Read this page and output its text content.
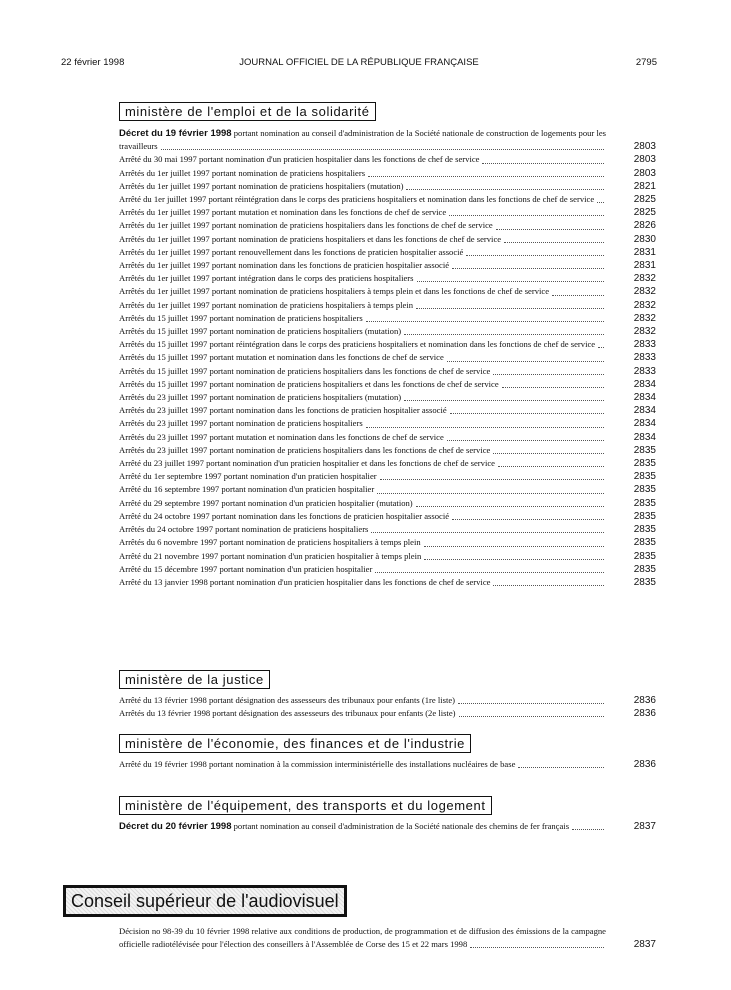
22 février 1998	JOURNAL OFFICIEL DE LA RÉPUBLIQUE FRANÇAISE	2795
ministère de l'emploi et de la solidarité
ministère de la justice
ministère de l'économie, des finances et de l'industrie
ministère de l'équipement, des transports et du logement
Conseil supérieur de l'audiovisuel
Décret du 19 février 1998 portant nomination au conseil d'administration de la Société nationale de construction de logements pour les travailleurs	2803
Arrêté du 30 mai 1997 portant nomination d'un praticien hospitalier dans les fonctions de chef de service	2803
Arrêtés du 1er juillet 1997 portant nomination de praticiens hospitaliers	2803
Arrêtés du 1er juillet 1997 portant nomination de praticiens hospitaliers (mutation)	2821
Arrêté du 1er juillet 1997 portant réintégration dans le corps des praticiens hospitaliers et nomination dans les fonctions de chef de service	2825
Arrêtés du 1er juillet 1997 portant mutation et nomination dans les fonctions de chef de service	2825
Arrêtés du 1er juillet 1997 portant nomination de praticiens hospitaliers dans les fonctions de chef de service	2826
Arrêtés du 1er juillet 1997 portant nomination de praticiens hospitaliers et dans les fonctions de chef de service	2830
Arrêtés du 1er juillet 1997 portant renouvellement dans les fonctions de praticien hospitalier associé	2831
Arrêtés du 1er juillet 1997 portant nomination dans les fonctions de praticien hospitalier associé	2831
Arrêtés du 1er juillet 1997 portant intégration dans le corps des praticiens hospitaliers	2832
Arrêtés du 1er juillet 1997 portant nomination de praticiens hospitaliers à temps plein et dans les fonctions de chef de service	2832
Arrêtés du 1er juillet 1997 portant nomination de praticiens hospitaliers à temps plein	2832
Arrêtés du 15 juillet 1997 portant nomination de praticiens hospitaliers	2832
Arrêtés du 15 juillet 1997 portant nomination de praticiens hospitaliers (mutation)	2832
Arrêtés du 15 juillet 1997 portant réintégration dans le corps des praticiens hospitaliers et nomination dans les fonctions de chef de service	2833
Arrêtés du 15 juillet 1997 portant mutation et nomination dans les fonctions de chef de service	2833
Arrêtés du 15 juillet 1997 portant nomination de praticiens hospitaliers dans les fonctions de chef de service	2833
Arrêtés du 15 juillet 1997 portant nomination de praticiens hospitaliers et dans les fonctions de chef de service	2834
Arrêtés du 23 juillet 1997 portant nomination de praticiens hospitaliers (mutation)	2834
Arrêtés du 23 juillet 1997 portant nomination dans les fonctions de praticien hospitalier associé	2834
Arrêtés du 23 juillet 1997 portant nomination de praticiens hospitaliers	2834
Arrêtés du 23 juillet 1997 portant mutation et nomination dans les fonctions de chef de service	2834
Arrêtés du 23 juillet 1997 portant nomination de praticiens hospitaliers dans les fonctions de chef de service	2835
Arrêté du 23 juillet 1997 portant nomination d'un praticien hospitalier et dans les fonctions de chef de service	2835
Arrêté du 1er septembre 1997 portant nomination d'un praticien hospitalier	2835
Arrêté du 16 septembre 1997 portant nomination d'un praticien hospitalier	2835
Arrêté du 29 septembre 1997 portant nomination d'un praticien hospitalier (mutation)	2835
Arrêté du 24 octobre 1997 portant nomination dans les fonctions de praticien hospitalier associé	2835
Arrêtés du 24 octobre 1997 portant nomination de praticiens hospitaliers	2835
Arrêtés du 6 novembre 1997 portant nomination de praticiens hospitaliers à temps plein	2835
Arrêté du 21 novembre 1997 portant nomination d'un praticien hospitalier à temps plein	2835
Arrêté du 15 décembre 1997 portant nomination d'un praticien hospitalier	2835
Arrêté du 13 janvier 1998 portant nomination d'un praticien hospitalier dans les fonctions de chef de service	2835
Arrêté du 13 février 1998 portant désignation des assesseurs des tribunaux pour enfants (1re liste)	2836
Arrêtés du 13 février 1998 portant désignation des assesseurs des tribunaux pour enfants (2e liste)	2836
Arrêté du 19 février 1998 portant nomination à la commission interministérielle des installations nucléaires de base	2836
Décret du 20 février 1998 portant nomination au conseil d'administration de la Société nationale des chemins de fer français	2837
Décision no 98-39 du 10 février 1998 relative aux conditions de production, de programmation et de diffusion des émissions de la campagne officielle radiotélévisée pour l'élection des conseillers à l'Assemblée de Corse des 15 et 22 mars 1998	2837
